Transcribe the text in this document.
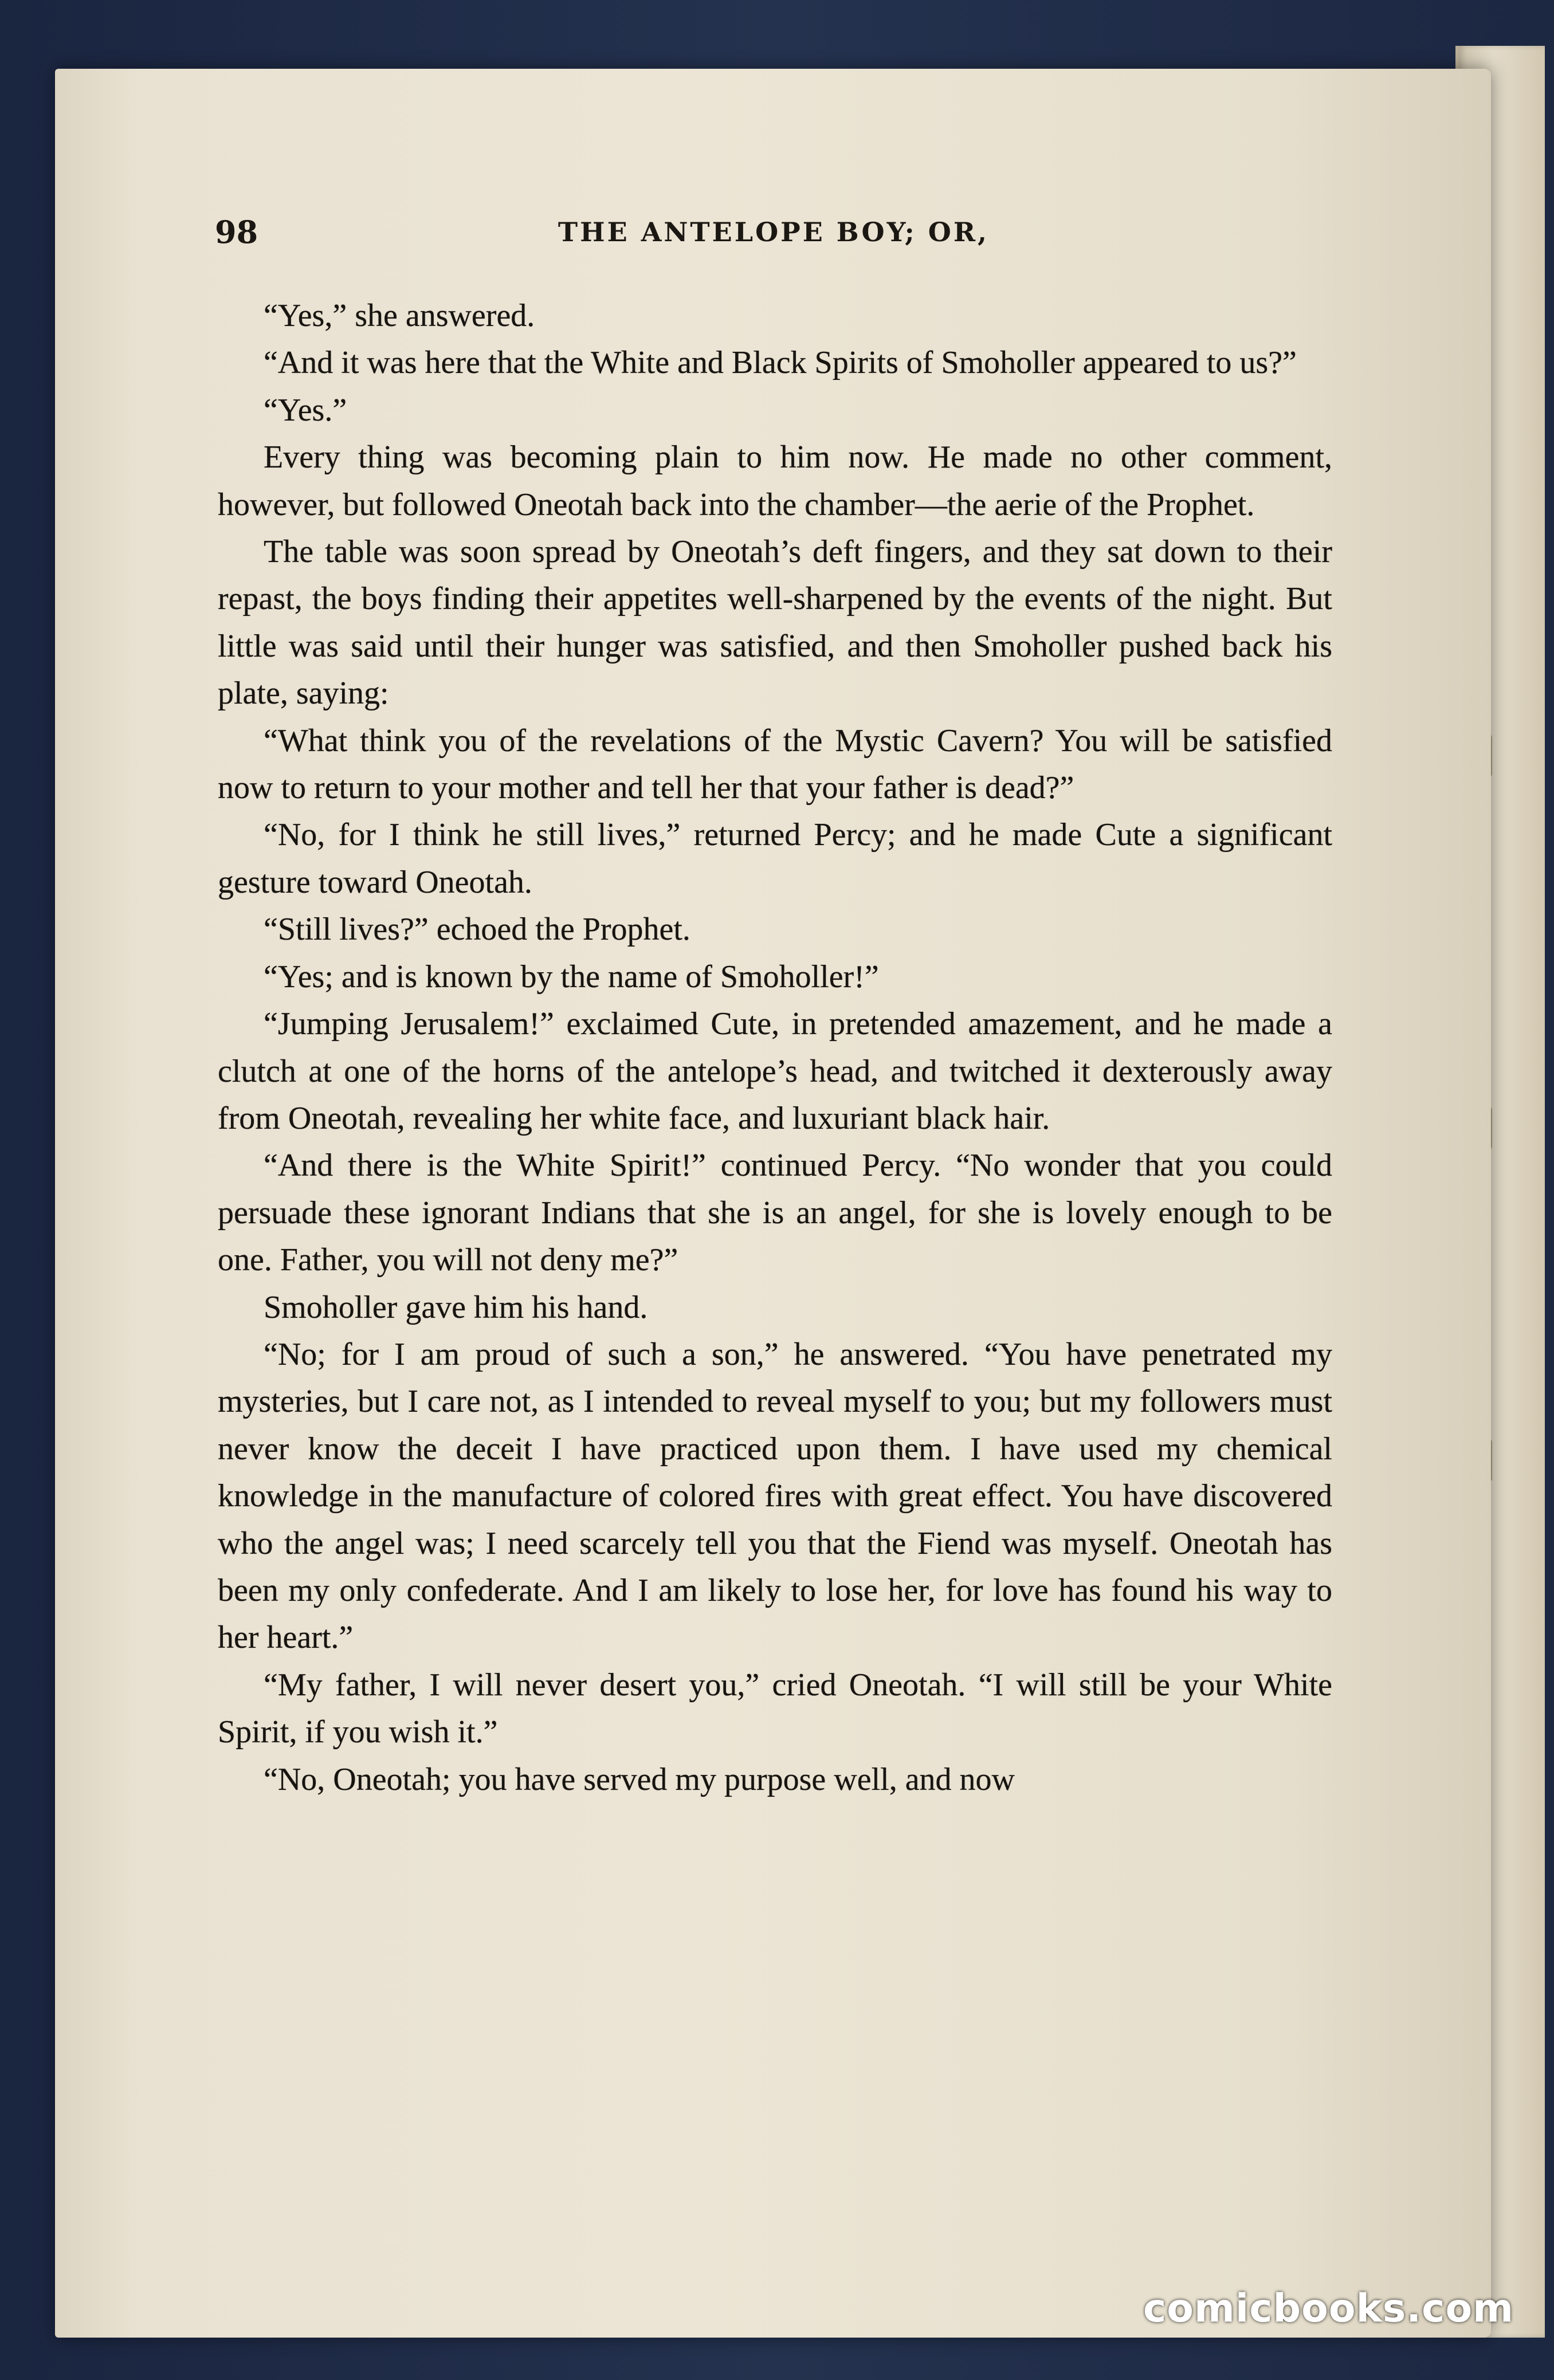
98	THE ANTELOPE BOY; OR,

“Yes,” she answered.

“And it was here that the White and Black Spirits of Smoholler appeared to us?”

“Yes.”

Every thing was becoming plain to him now. He made no other comment, however, but followed Oneotah back into the chamber—the aerie of the Prophet.

The table was soon spread by Oneotah’s deft fingers, and they sat down to their repast, the boys finding their appetites well-sharpened by the events of the night. But little was said until their hunger was satisfied, and then Smoholler pushed back his plate, saying:

“What think you of the revelations of the Mystic Cavern? You will be satisfied now to return to your mother and tell her that your father is dead?”

“No, for I think he still lives,” returned Percy; and he made Cute a significant gesture toward Oneotah.

“Still lives?” echoed the Prophet.

“Yes; and is known by the name of Smoholler!”

“Jumping Jerusalem!” exclaimed Cute, in pretended amazement, and he made a clutch at one of the horns of the antelope’s head, and twitched it dexterously away from Oneotah, revealing her white face, and luxuriant black hair.

“And there is the White Spirit!” continued Percy. “No wonder that you could persuade these ignorant Indians that she is an angel, for she is lovely enough to be one. Father, you will not deny me?”

Smoholler gave him his hand.

“No; for I am proud of such a son,” he answered. “You have penetrated my mysteries, but I care not, as I intended to reveal myself to you; but my followers must never know the deceit I have practiced upon them. I have used my chemical knowledge in the manufacture of colored fires with great effect. You have discovered who the angel was; I need scarcely tell you that the Fiend was myself. Oneotah has been my only confederate. And I am likely to lose her, for love has found his way to her heart.”

“My father, I will never desert you,” cried Oneotah. “I will still be your White Spirit, if you wish it.”

“No, Oneotah; you have served my purpose well, and now

comicbooks.com
